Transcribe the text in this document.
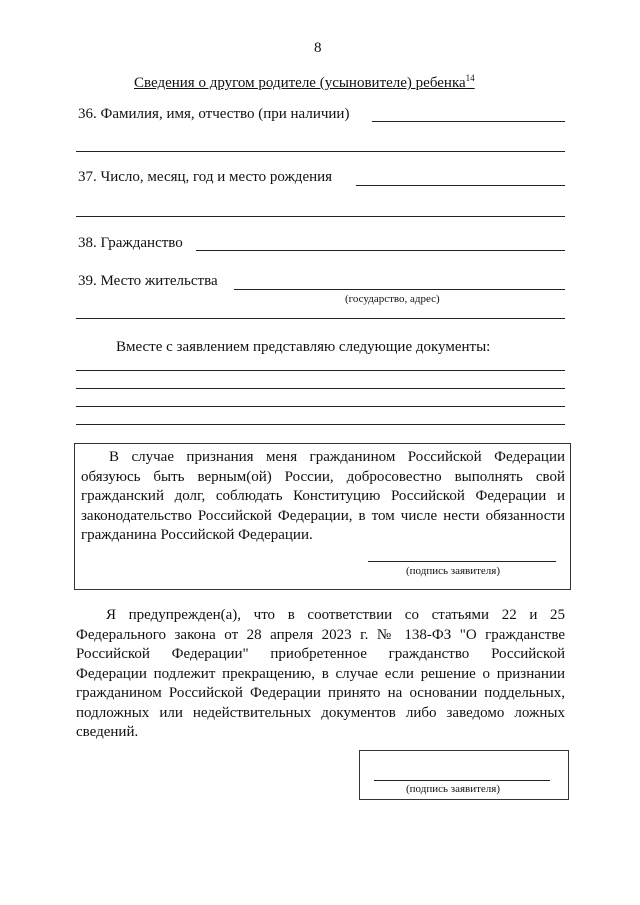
8
Сведения о другом родителе (усыновителе) ребенка$^{14}$
36. Фамилия, имя, отчество (при наличии)
37. Число, месяц, год и место рождения
38. Гражданство
39. Место жительства
(государство, адрес)
Вместе с заявлением представляю следующие документы:
В случае признания меня гражданином Российской Федерации обязуюсь быть верным(ой) России, добросовестно выполнять свой гражданский долг, соблюдать Конституцию Российской Федерации и законодательство Российской Федерации, в том числе нести обязанности гражданина Российской Федерации.
(подпись заявителя)
Я предупрежден(а), что в соответствии со статьями 22 и 25 Федерального закона от 28 апреля 2023 г. № 138-ФЗ "О гражданстве Российской Федерации" приобретенное гражданство Российской Федерации подлежит прекращению, в случае если решение о признании гражданином Российской Федерации принято на основании поддельных, подложных или недействительных документов либо заведомо ложных сведений.
(подпись заявителя)
